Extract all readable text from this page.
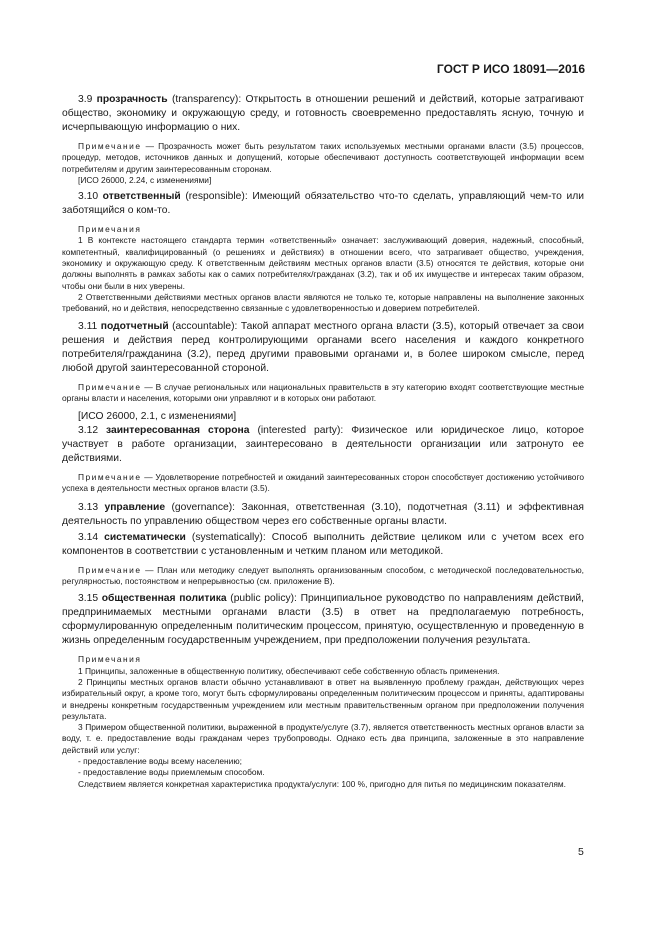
ГОСТ Р ИСО 18091—2016

3.9 прозрачность (transparency): Открытость в отношении решений и действий, которые затрагивают общество, экономику и окружающую среду, и готовность своевременно предоставлять ясную, точную и исчерпывающую информацию о них.

Примечание — Прозрачность может быть результатом таких используемых местными органами власти (3.5) процессов, процедур, методов, источников данных и допущений, которые обеспечивают доступность соответствующей информации всем потребителям и другим заинтересованным сторонам.

[ИСО 26000, 2.24, с изменениями]

3.10 ответственный (responsible): Имеющий обязательство что-то сделать, управляющий чем-то или заботящийся о ком-то.

Примечания

1 В контексте настоящего стандарта термин «ответственный» означает: заслуживающий доверия, надежный, способный, компетентный, квалифицированный (о решениях и действиях) в отношении всего, что затрагивает общество, учреждения, экономику и окружающую среду. К ответственным действиям местных органов власти (3.5) относятся те действия, которые они должны выполнять в рамках заботы как о самих потребителях/гражданах (3.2), так и об их имуществе и интересах таким образом, чтобы они были в них уверены.

2 Ответственными действиями местных органов власти являются не только те, которые направлены на выполнение законных требований, но и действия, непосредственно связанные с удовлетворенностью и доверием потребителей.

3.11 подотчетный (accountable): Такой аппарат местного органа власти (3.5), который отвечает за свои решения и действия перед контролирующими органами всего населения и каждого конкретного потребителя/гражданина (3.2), перед другими правовыми органами и, в более широком смысле, перед любой другой заинтересованной стороной.

Примечание — В случае региональных или национальных правительств в эту категорию входят соответствующие местные органы власти и населения, которыми они управляют и в которых они работают.

[ИСО 26000, 2.1, с изменениями]

3.12 заинтересованная сторона (interested party): Физическое или юридическое лицо, которое участвует в работе организации, заинтересовано в деятельности организации или затронуто ее действиями.

Примечание — Удовлетворение потребностей и ожиданий заинтересованных сторон способствует достижению устойчивого успеха в деятельности местных органов власти (3.5).

3.13 управление (governance): Законная, ответственная (3.10), подотчетная (3.11) и эффективная деятельность по управлению обществом через его собственные органы власти.

3.14 систематически (systematically): Способ выполнить действие целиком или с учетом всех его компонентов в соответствии с установленным и четким планом или методикой.

Примечание — План или методику следует выполнять организованным способом, с методической последовательностью, регулярностью, постоянством и непрерывностью (см. приложение В).

3.15 общественная политика (public policy): Принципиальное руководство по направлениям действий, предпринимаемых местными органами власти (3.5) в ответ на предполагаемую потребность, сформулированную определенным политическим процессом, принятую, осуществленную и проведенную в жизнь определенным государственным учреждением, при предположении получения результата.

Примечания

1 Принципы, заложенные в общественную политику, обеспечивают себе собственную область применения.

2 Принципы местных органов власти обычно устанавливают в ответ на выявленную проблему граждан, действующих через избирательный округ, а кроме того, могут быть сформулированы определенным политическим процессом и приняты, адаптированы и внедрены конкретным государственным учреждением или местным правительственным органом при предположении получения результата.

3 Примером общественной политики, выраженной в продукте/услуге (3.7), является ответственность местных органов власти за воду, т. е. предоставление воды гражданам через трубопроводы. Однако есть два принципа, заложенные в это направление действий или услуг:

- предоставление воды всему населению;

- предоставление воды приемлемым способом.

Следствием является конкретная характеристика продукта/услуги: 100 %, пригодно для питья по медицинским показателям.

5
